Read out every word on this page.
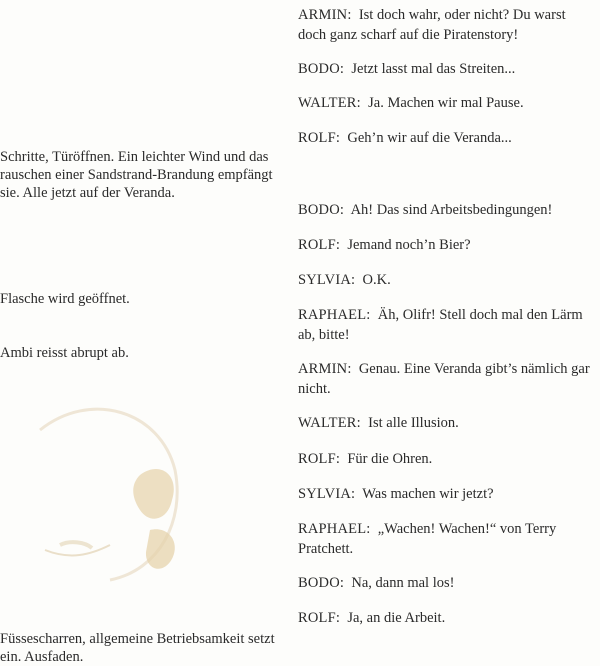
Schritte, Türöffnen. Ein leichter Wind und das rauschen einer Sandstrand-Brandung empfängt sie. Alle jetzt auf der Veranda.

Flasche wird geöffnet.

Ambi reisst abrupt ab.

Füssescharren, allgemeine Betriebsamkeit setzt ein. Ausfaden.

ARMIN: Ist doch wahr, oder nicht? Du warst doch ganz scharf auf die Piratenstory!

BODO: Jetzt lasst mal das Streiten...

WALTER: Ja. Machen wir mal Pause.

ROLF: Geh’n wir auf die Veranda...

BODO: Ah! Das sind Arbeitsbedingungen!

ROLF: Jemand noch’n Bier?

SYLVIA: O.K.

RAPHAEL: Äh, Olifr! Stell doch mal den Lärm ab, bitte!

ARMIN: Genau. Eine Veranda gibt’s nämlich gar nicht.

WALTER: Ist alle Illusion.

ROLF: Für die Ohren.

SYLVIA: Was machen wir jetzt?

RAPHAEL: „Wachen! Wachen!“ von Terry Pratchett.

BODO: Na, dann mal los!

ROLF: Ja, an die Arbeit.
